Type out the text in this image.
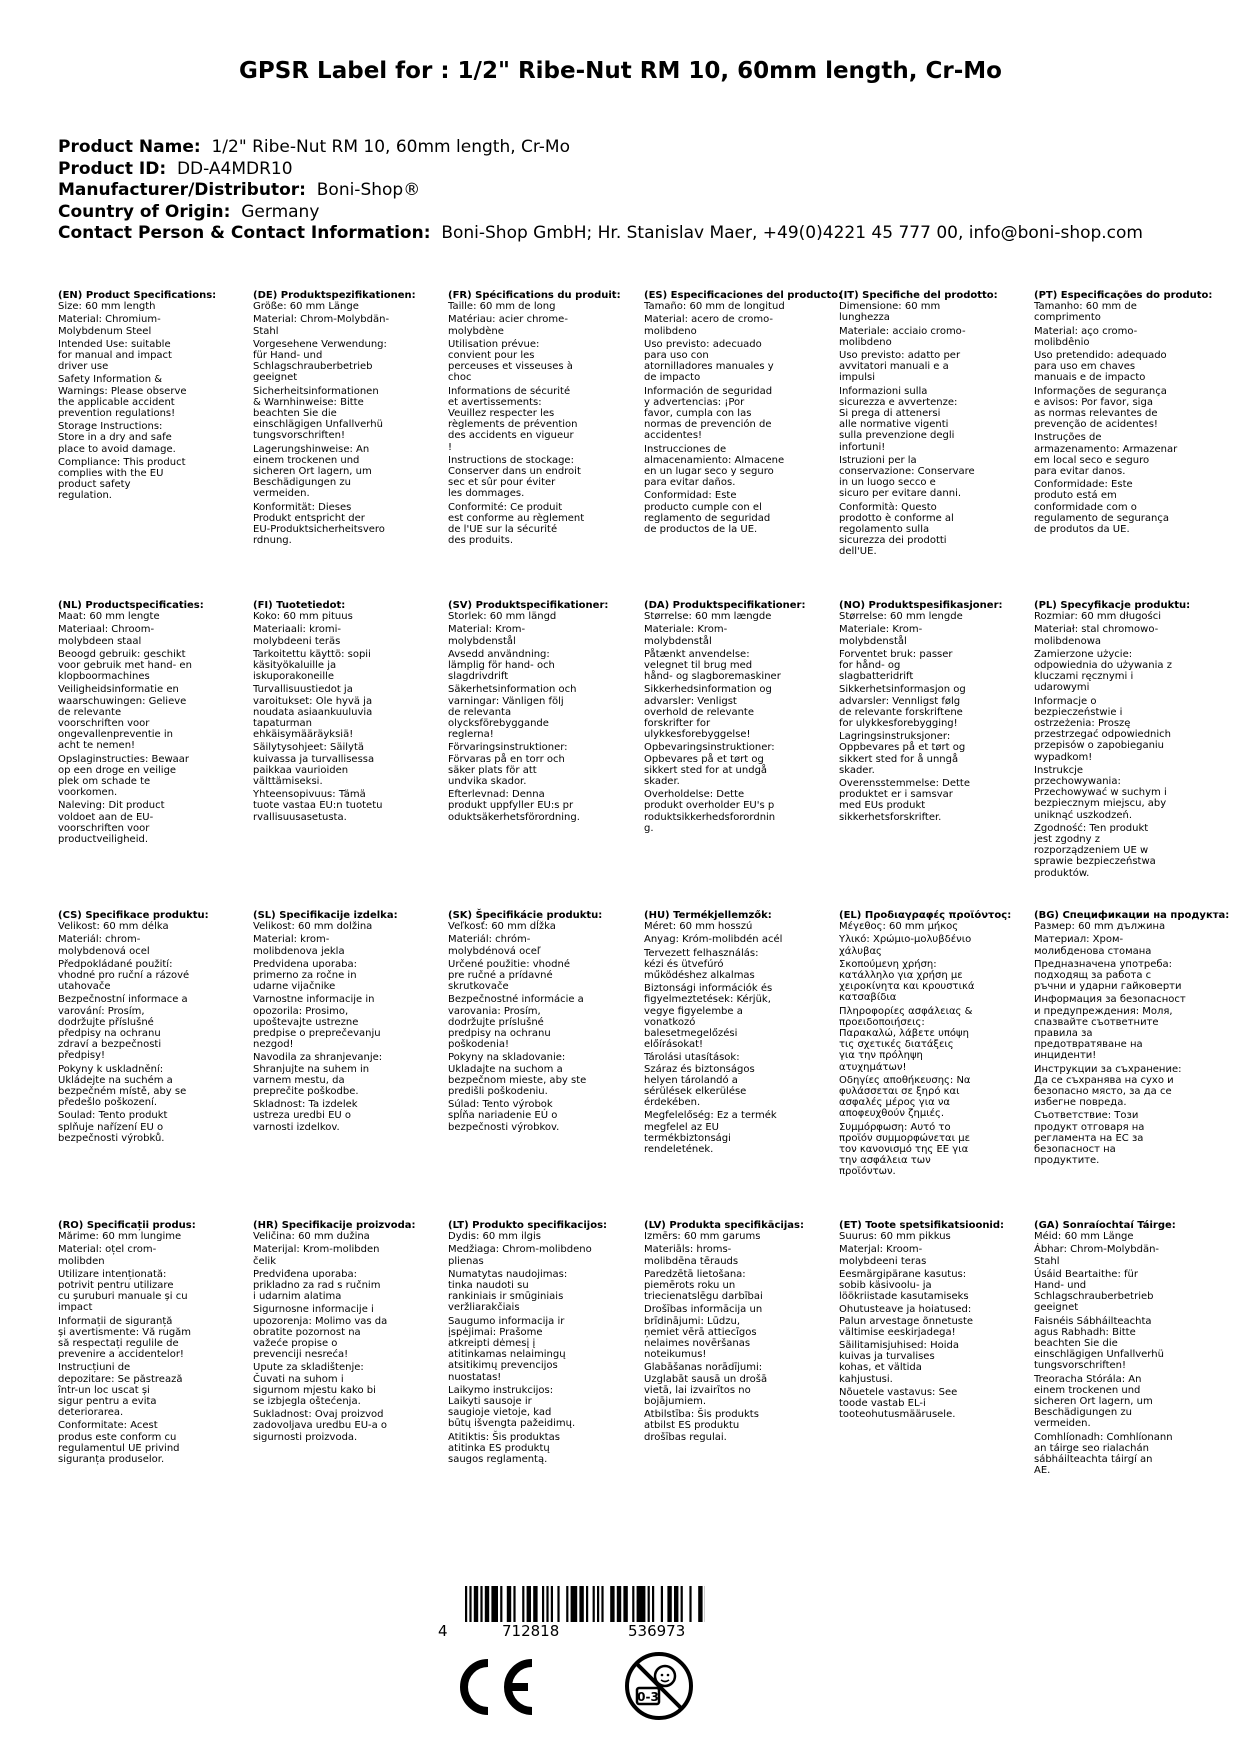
GPSR Label for : 1/2" Ribe-Nut RM 10, 60mm length, Cr-Mo
Product Name: 1/2" Ribe-Nut RM 10, 60mm length, Cr-Mo
Product ID: DD-A4MDR10
Manufacturer/Distributor: Boni-Shop®
Country of Origin: Germany
Contact Person & Contact Information: Boni-Shop GmbH; Hr. Stanislav Maer, +49(0)4221 45 777 00, info@boni-shop.com
(EN) Product Specifications:
Size: 60 mm length
Material: Chromium-
Molybdenum Steel
Intended Use: suitable
for manual and impact
driver use
Safety Information &
Warnings: Please observe
the applicable accident
prevention regulations!
Storage Instructions:
Store in a dry and safe
place to avoid damage.
Compliance: This product
complies with the EU
product safety
regulation.
(DE) Produktspezifikationen:
Größe: 60 mm Länge
Material: Chrom-Molybdän-
Stahl
Vorgesehene Verwendung:
für Hand- und
Schlagschrauberbetrieb
geeignet
Sicherheitsinformationen
& Warnhinweise: Bitte
beachten Sie die
einschlägigen Unfallverhü
tungsvorschriften!
Lagerungshinweise: An
einem trockenen und
sicheren Ort lagern, um
Beschädigungen zu
vermeiden.
Konformität: Dieses
Produkt entspricht der
EU-Produktsicherheitsvero
rdnung.
(FR) Spécifications du produit:
Taille: 60 mm de long
Matériau: acier chrome-
molybdène
Utilisation prévue:
convient pour les
perceuses et visseuses à
choc
Informations de sécurité
et avertissements:
Veuillez respecter les
règlements de prévention
des accidents en vigueur
!
Instructions de stockage:
Conserver dans un endroit
sec et sûr pour éviter
les dommages.
Conformité: Ce produit
est conforme au règlement
de l'UE sur la sécurité
des produits.
(ES) Especificaciones del producto:
Tamaño: 60 mm de longitud
Material: acero de cromo-
molibdeno
Uso previsto: adecuado
para uso con
atornilladores manuales y
de impacto
Información de seguridad
y advertencias: ¡Por
favor, cumpla con las
normas de prevención de
accidentes!
Instrucciones de
almacenamiento: Almacene
en un lugar seco y seguro
para evitar daños.
Conformidad: Este
producto cumple con el
reglamento de seguridad
de productos de la UE.
(IT) Specifiche del prodotto:
Dimensione: 60 mm
lunghezza
Materiale: acciaio cromo-
molibdeno
Uso previsto: adatto per
avvitatori manuali e a
impulsi
Informazioni sulla
sicurezza e avvertenze:
Si prega di attenersi
alle normative vigenti
sulla prevenzione degli
infortuni!
Istruzioni per la
conservazione: Conservare
in un luogo secco e
sicuro per evitare danni.
Conformità: Questo
prodotto è conforme al
regolamento sulla
sicurezza dei prodotti
dell'UE.
(PT) Especificações do produto:
Tamanho: 60 mm de
comprimento
Material: aço cromo-
molibdênio
Uso pretendido: adequado
para uso em chaves
manuais e de impacto
Informações de segurança
e avisos: Por favor, siga
as normas relevantes de
prevenção de acidentes!
Instruções de
armazenamento: Armazenar
em local seco e seguro
para evitar danos.
Conformidade: Este
produto está em
conformidade com o
regulamento de segurança
de produtos da UE.
(NL) Productspecificaties:
Maat: 60 mm lengte
Materiaal: Chroom-
molybdeen staal
Beoogd gebruik: geschikt
voor gebruik met hand- en
klopboormachines
Veiligheidsinformatie en
waarschuwingen: Gelieve
de relevante
voorschriften voor
ongevallenpreventie in
acht te nemen!
Opslaginstructies: Bewaar
op een droge en veilige
plek om schade te
voorkomen.
Naleving: Dit product
voldoet aan de EU-
voorschriften voor
productveiligheid.
(FI) Tuotetiedot:
Koko: 60 mm pituus
Materiaali: kromi-
molybdeeni teräs
Tarkoitettu käyttö: sopii
käsityökaluille ja
iskuporakoneille
Turvallisuustiedot ja
varoitukset: Ole hyvä ja
noudata asiaankuuluvia
tapaturman
ehkäisymääräyksiä!
Säilytysohjeet: Säilytä
kuivassa ja turvallisessa
paikkaa vaurioiden
välttämiseksi.
Yhteensopivuus: Tämä
tuote vastaa EU:n tuotetu
rvallisuusasetusta.
(SV) Produktspecifikationer:
Storlek: 60 mm längd
Material: Krom-
molybdenstål
Avsedd användning:
lämplig för hand- och
slagdrivdrift
Säkerhetsinformation och
varningar: Vänligen följ
de relevanta
olycksförebyggande
reglerna!
Förvaringsinstruktioner:
Förvaras på en torr och
säker plats för att
undvika skador.
Efterlevnad: Denna
produkt uppfyller EU:s pr
oduktsäkerhetsförordning.
(DA) Produktspecifikationer:
Størrelse: 60 mm længde
Materiale: Krom-
molybdenstål
Påtænkt anvendelse:
velegnet til brug med
hånd- og slagboremaskiner
Sikkerhedsinformation og
advarsler: Venligst
overhold de relevante
forskrifter for
ulykkesforebyggelse!
Opbevaringsinstruktioner:
Opbevares på et tørt og
sikkert sted for at undgå
skader.
Overholdelse: Dette
produkt overholder EU's p
roduktsikkerhedsforordnin
g.
(NO) Produktspesifikasjoner:
Størrelse: 60 mm lengde
Materiale: Krom-
molybdenstål
Forventet bruk: passer
for hånd- og
slagbatteridrift
Sikkerhetsinformasjon og
advarsler: Vennligst følg
de relevante forskriftene
for ulykkesforebygging!
Lagringsinstruksjoner:
Oppbevares på et tørt og
sikkert sted for å unngå
skader.
Overensstemmelse: Dette
produktet er i samsvar
med EUs produkt
sikkerhetsforskrifter.
(PL) Specyfikacje produktu:
Rozmiar: 60 mm długości
Materiał: stal chromowo-
molibdenowa
Zamierzone użycie:
odpowiednia do używania z
kluczami ręcznymi i
udarowymi
Informacje o
bezpieczeństwie i
ostrzeżenia: Proszę
przestrzegać odpowiednich
przepisów o zapobieganiu
wypadkom!
Instrukcje
przechowywania:
Przechowywać w suchym i
bezpiecznym miejscu, aby
uniknąć uszkodzeń.
Zgodność: Ten produkt
jest zgodny z
rozporządzeniem UE w
sprawie bezpieczeństwa
produktów.
(CS) Specifikace produktu:
Velikost: 60 mm délka
Materiál: chrom-
molybdenová ocel
Předpokládané použití:
vhodné pro ruční a rázové
utahovače
Bezpečnostní informace a
varování: Prosím,
dodržujte příslušné
předpisy na ochranu
zdraví a bezpečnosti
předpisy!
Pokyny k uskladnění:
Ukládejte na suchém a
bezpečném místě, aby se
předešlo poškození.
Soulad: Tento produkt
splňuje nařízení EU o
bezpečnosti výrobků.
(SL) Specifikacije izdelka:
Velikost: 60 mm dolžina
Material: krom-
molibdenova jekla
Predvidena uporaba:
primerno za ročne in
udarne vijačnike
Varnostne informacije in
opozorila: Prosimo,
upoštevajte ustrezne
predpise o preprečevanju
nezgod!
Navodila za shranjevanje:
Shranjujte na suhem in
varnem mestu, da
preprečite poškodbe.
Skladnost: Ta izdelek
ustreza uredbi EU o
varnosti izdelkov.
(SK) Špecifikácie produktu:
Veľkosť: 60 mm dĺžka
Materiál: chróm-
molybdénová oceľ
Určené použitie: vhodné
pre ručné a prídavné
skrutkovače
Bezpečnostné informácie a
varovania: Prosím,
dodržujte príslušné
predpisy na ochranu
poškodenia!
Pokyny na skladovanie:
Ukladajte na suchom a
bezpečnom mieste, aby ste
predišli poškodeniu.
Súlad: Tento výrobok
spĺňa nariadenie EÚ o
bezpečnosti výrobkov.
(HU) Termékjellemzők:
Méret: 60 mm hosszú
Anyag: Króm-molibdén acél
Tervezett felhasználás:
kézi és ütvefúró
működéshez alkalmas
Biztonsági információk és
figyelmeztetések: Kérjük,
vegye figyelembe a
vonatkozó
balesetmegelőzési
előírásokat!
Tárolási utasítások:
Száraz és biztonságos
helyen tárolandó a
sérülések elkerülése
érdekében.
Megfelelőség: Ez a termék
megfelel az EU
termékbiztonsági
rendeletének.
(EL) Προδιαγραφές προϊόντος:
Μέγεθος: 60 mm μήκος
Υλικό: Χρώμιο-μολυβδένιο
χάλυβας
Σκοπούμενη χρήση:
κατάλληλο για χρήση με
χειροκίνητα και κρουστικά
κατσαβίδια
Πληροφορίες ασφάλειας &
προειδοποιήσεις:
Παρακαλώ, λάβετε υπόψη
τις σχετικές διατάξεις
για την πρόληψη
ατυχημάτων!
Οδηγίες αποθήκευσης: Να
φυλάσσεται σε ξηρό και
ασφαλές μέρος για να
αποφευχθούν ζημιές.
Συμμόρφωση: Αυτό το
προϊόν συμμορφώνεται με
τον κανονισμό της ΕΕ για
την ασφάλεια των
προϊόντων.
(BG) Спецификации на продукта:
Размер: 60 mm дължина
Материал: Хром-
молибденова стомана
Предназначена употреба:
подходящ за работа с
ръчни и ударни гайковерти
Информация за безопасност
и предупреждения: Моля,
спазвайте съответните
правила за
предотвратяване на
инциденти!
Инструкции за съхранение:
Да се съхранява на сухо и
безопасно място, за да се
избегне повреда.
Съответствие: Този
продукт отговаря на
регламента на ЕС за
безопасност на
продуктите.
(RO) Specificații produs:
Mărime: 60 mm lungime
Material: oțel crom-
molibden
Utilizare intenționată:
potrivit pentru utilizare
cu șuruburi manuale și cu
impact
Informații de siguranță
și avertismente: Vă rugăm
să respectați regulile de
prevenire a accidentelor!
Instrucțiuni de
depozitare: Se păstrează
într-un loc uscat și
sigur pentru a evita
deteriorarea.
Conformitate: Acest
produs este conform cu
regulamentul UE privind
siguranța produselor.
(HR) Specifikacije proizvoda:
Veličina: 60 mm dužina
Materijal: Krom-molibden
čelik
Predviđena uporaba:
prikladno za rad s ručnim
i udarnim alatima
Sigurnosne informacije i
upozorenja: Molimo vas da
obratite pozornost na
važeće propise o
prevenciji nesreća!
Upute za skladištenje:
Čuvati na suhom i
sigurnom mjestu kako bi
se izbjegla oštećenja.
Sukladnost: Ovaj proizvod
zadovoljava uredbu EU-a o
sigurnosti proizvoda.
(LT) Produkto specifikacijos:
Dydis: 60 mm ilgis
Medžiaga: Chrom-molibdeno
plienas
Numatytas naudojimas:
tinka naudoti su
rankiniais ir smūginiais
veržliarakčiais
Saugumo informacija ir
įspėjimai: Prašome
atkreipti dėmesį į
atitinkamas nelaimingų
atsitikimų prevencijos
nuostatas!
Laikymo instrukcijos:
Laikyti sausoje ir
saugioje vietoje, kad
būtų išvengta pažeidimų.
Atitiktis: Šis produktas
atitinka ES produktų
saugos reglamentą.
(LV) Produkta specifikācijas:
Izmērs: 60 mm garums
Materiāls: hroms-
molibdēna tērauds
Paredzētā lietošana:
piemērots roku un
triecienatslēgu darbībai
Drošības informācija un
brīdinājumi: Lūdzu,
ņemiet vērā attiecīgos
nelaimes novēršanas
noteikumus!
Glabāšanas norādījumi:
Uzglabāt sausā un drošā
vietā, lai izvairītos no
bojājumiem.
Atbilstība: Šis produkts
atbilst ES produktu
drošības regulai.
(ET) Toote spetsifikatsioonid:
Suurus: 60 mm pikkus
Materjal: Kroom-
molybdeeni teras
Eesmärgipärane kasutus:
sobib käsivoolu- ja
löökriistade kasutamiseks
Ohutusteave ja hoiatused:
Palun arvestage õnnetuste
vältimise eeskirjadega!
Säilitamisjuhised: Hoida
kuivas ja turvalises
kohas, et vältida
kahjustusi.
Nõuetele vastavus: See
toode vastab EL-i
tooteohutusmäärusele.
(GA) Sonraíochtaí Táirge:
Méid: 60 mm Länge
Ábhar: Chrom-Molybdän-
Stahl
Úsáid Beartaithe: für
Hand- und
Schlagschrauberbetrieb
geeignet
Faisnéis Sábháilteachta
agus Rabhadh: Bitte
beachten Sie die
einschlägigen Unfallverhü
tungsvorschriften!
Treoracha Stórála: An
einem trockenen und
sicheren Ort lagern, um
Beschädigungen zu
vermeiden.
Comhlíonadh: Comhlíonann
an táirge seo rialachán
sábháilteachta táirgí an
AE.
4	712818	536973
0-3
